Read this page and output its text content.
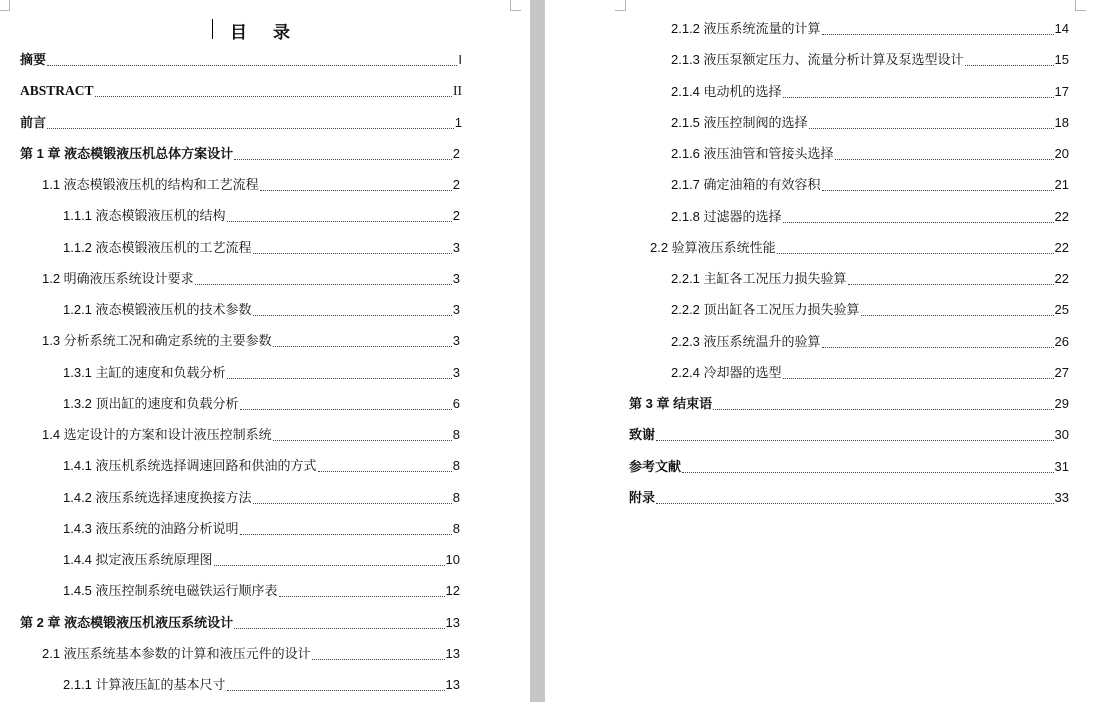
目 录
摘要	I
ABSTRACT	II
前言	1
第 1 章 液态模锻液压机总体方案设计	2
1.1 液态模锻液压机的结构和工艺流程	2
1.1.1 液态模锻液压机的结构	2
1.1.2 液态模锻液压机的工艺流程	3
1.2 明确液压系统设计要求	3
1.2.1 液态模锻液压机的技术参数	3
1.3 分析系统工况和确定系统的主要参数	3
1.3.1 主缸的速度和负载分析	3
1.3.2 顶出缸的速度和负载分析	6
1.4 选定设计的方案和设计液压控制系统	8
1.4.1 液压机系统选择调速回路和供油的方式	8
1.4.2 液压系统选择速度换接方法	8
1.4.3 液压系统的油路分析说明	8
1.4.4 拟定液压系统原理图	10
1.4.5 液压控制系统电磁铁运行顺序表	12
第 2 章 液态模锻液压机液压系统设计	13
2.1 液压系统基本参数的计算和液压元件的设计	13
2.1.1 计算液压缸的基本尺寸	13
2.1.2 液压系统流量的计算	14
2.1.3 液压泵额定压力、流量分析计算及泵选型设计	15
2.1.4 电动机的选择	17
2.1.5 液压控制阀的选择	18
2.1.6 液压油管和管接头选择	20
2.1.7 确定油箱的有效容积	21
2.1.8 过滤器的选择	22
2.2 验算液压系统性能	22
2.2.1 主缸各工况压力损失验算	22
2.2.2 顶出缸各工况压力损失验算	25
2.2.3 液压系统温升的验算	26
2.2.4 冷却器的选型	27
第 3 章 结束语	29
致谢	30
参考文献	31
附录	33
